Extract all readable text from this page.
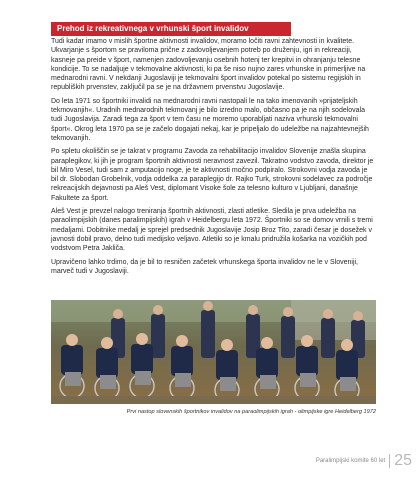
Prehod iz rekreativnega v vrhunski šport invalidov

Tudi kadar imamo v mislih športne aktivnosti invalidov, moramo ločiti ravni zahtevnosti in kvalitete. Ukvarjanje s športom se praviloma prične z zadovoljevanjem potreb po druženju, igri in rekreaciji, kasneje pa preide v šport, namenjen zadovoljevanju osebnih hotenj ter krepitvi in ohranjanju telesne kondicije. To se nadaljuje v tekmovalne aktivnosti, ki pa še niso nujno zares vrhunske in primerljive na mednarodni ravni. V nekdanji Jugoslaviji je tekmovalni šport invalidov potekal po sistemu regijskih in republiških prvenstev, zaključil pa se je na državnem prvenstvu Jugoslavije.

Do leta 1971 so športniki invalidi na mednarodni ravni nastopali le na tako imenovanih »prijateljskih tekmovanjih«. Uradnih mednarodnih tekmovanj je bilo izredno malo, občasno pa je na njih sodelovala tudi Jugoslavija. Zaradi tega za šport v tem času ne moremo uporabljati naziva vrhunski tekmovalni šport«. Okrog leta 1970 pa se je začelo dogajati nekaj, kar je pripeljalo do udeležbe na najzahtevnejših tekmovanjih.

Po spletu okoliščin se je takrat v programu Zavoda za rehabilitacijo invalidov Slovenije znašla skupina paraplegikov, ki jih je program športnih aktivnosti neravnost zavezil. Takratno vodstvo zavoda, direktor je bil Miro Vesel, tudi sam z amputacijo noge, je te aktivnosti močno podpiralo. Strokovni vodja zavoda je bil dr. Slobodan Grobelnik, vodja oddelka za paraplegijo dr. Rajko Turk, strokovni sodelavec za področje rekreacijskih dejavnosti pa Aleš Vest, diplomant Visoke šole za telesno kulturo v Ljubljani, današnje Fakultete za šport.

Aleš Vest je prevzel nalogo treniranja športnih aktivnosti, zlasti atletike. Sledila je prva udeležba na paraolimpijskih (danes paralimpijskih) igrah v Heidelbergu leta 1972. Športniki so se domov vrnili s tremi medaljami. Dobitnike medalj je sprejel predsednik Jugoslavije Josip Broz Tito, zaradi česar je dosežek v javnosti dobil pravo, delno tudi medijsko veljavo. Atletiki so je kmalu pridružila košarka na vozičkih pod vodstvom Petra Jakliča.

Upravičeno lahko trdimo, da je bil to resničen začetek vrhunskega športa invalidov ne le v Sloveniji, marveč tudi v Jugoslaviji.

Prvi nastop slovenskih športnikov invalidov na paraolimpijskih igrah - olimpijske igre Heidelberg 1972
Paralimpijski komite 60 let 25
